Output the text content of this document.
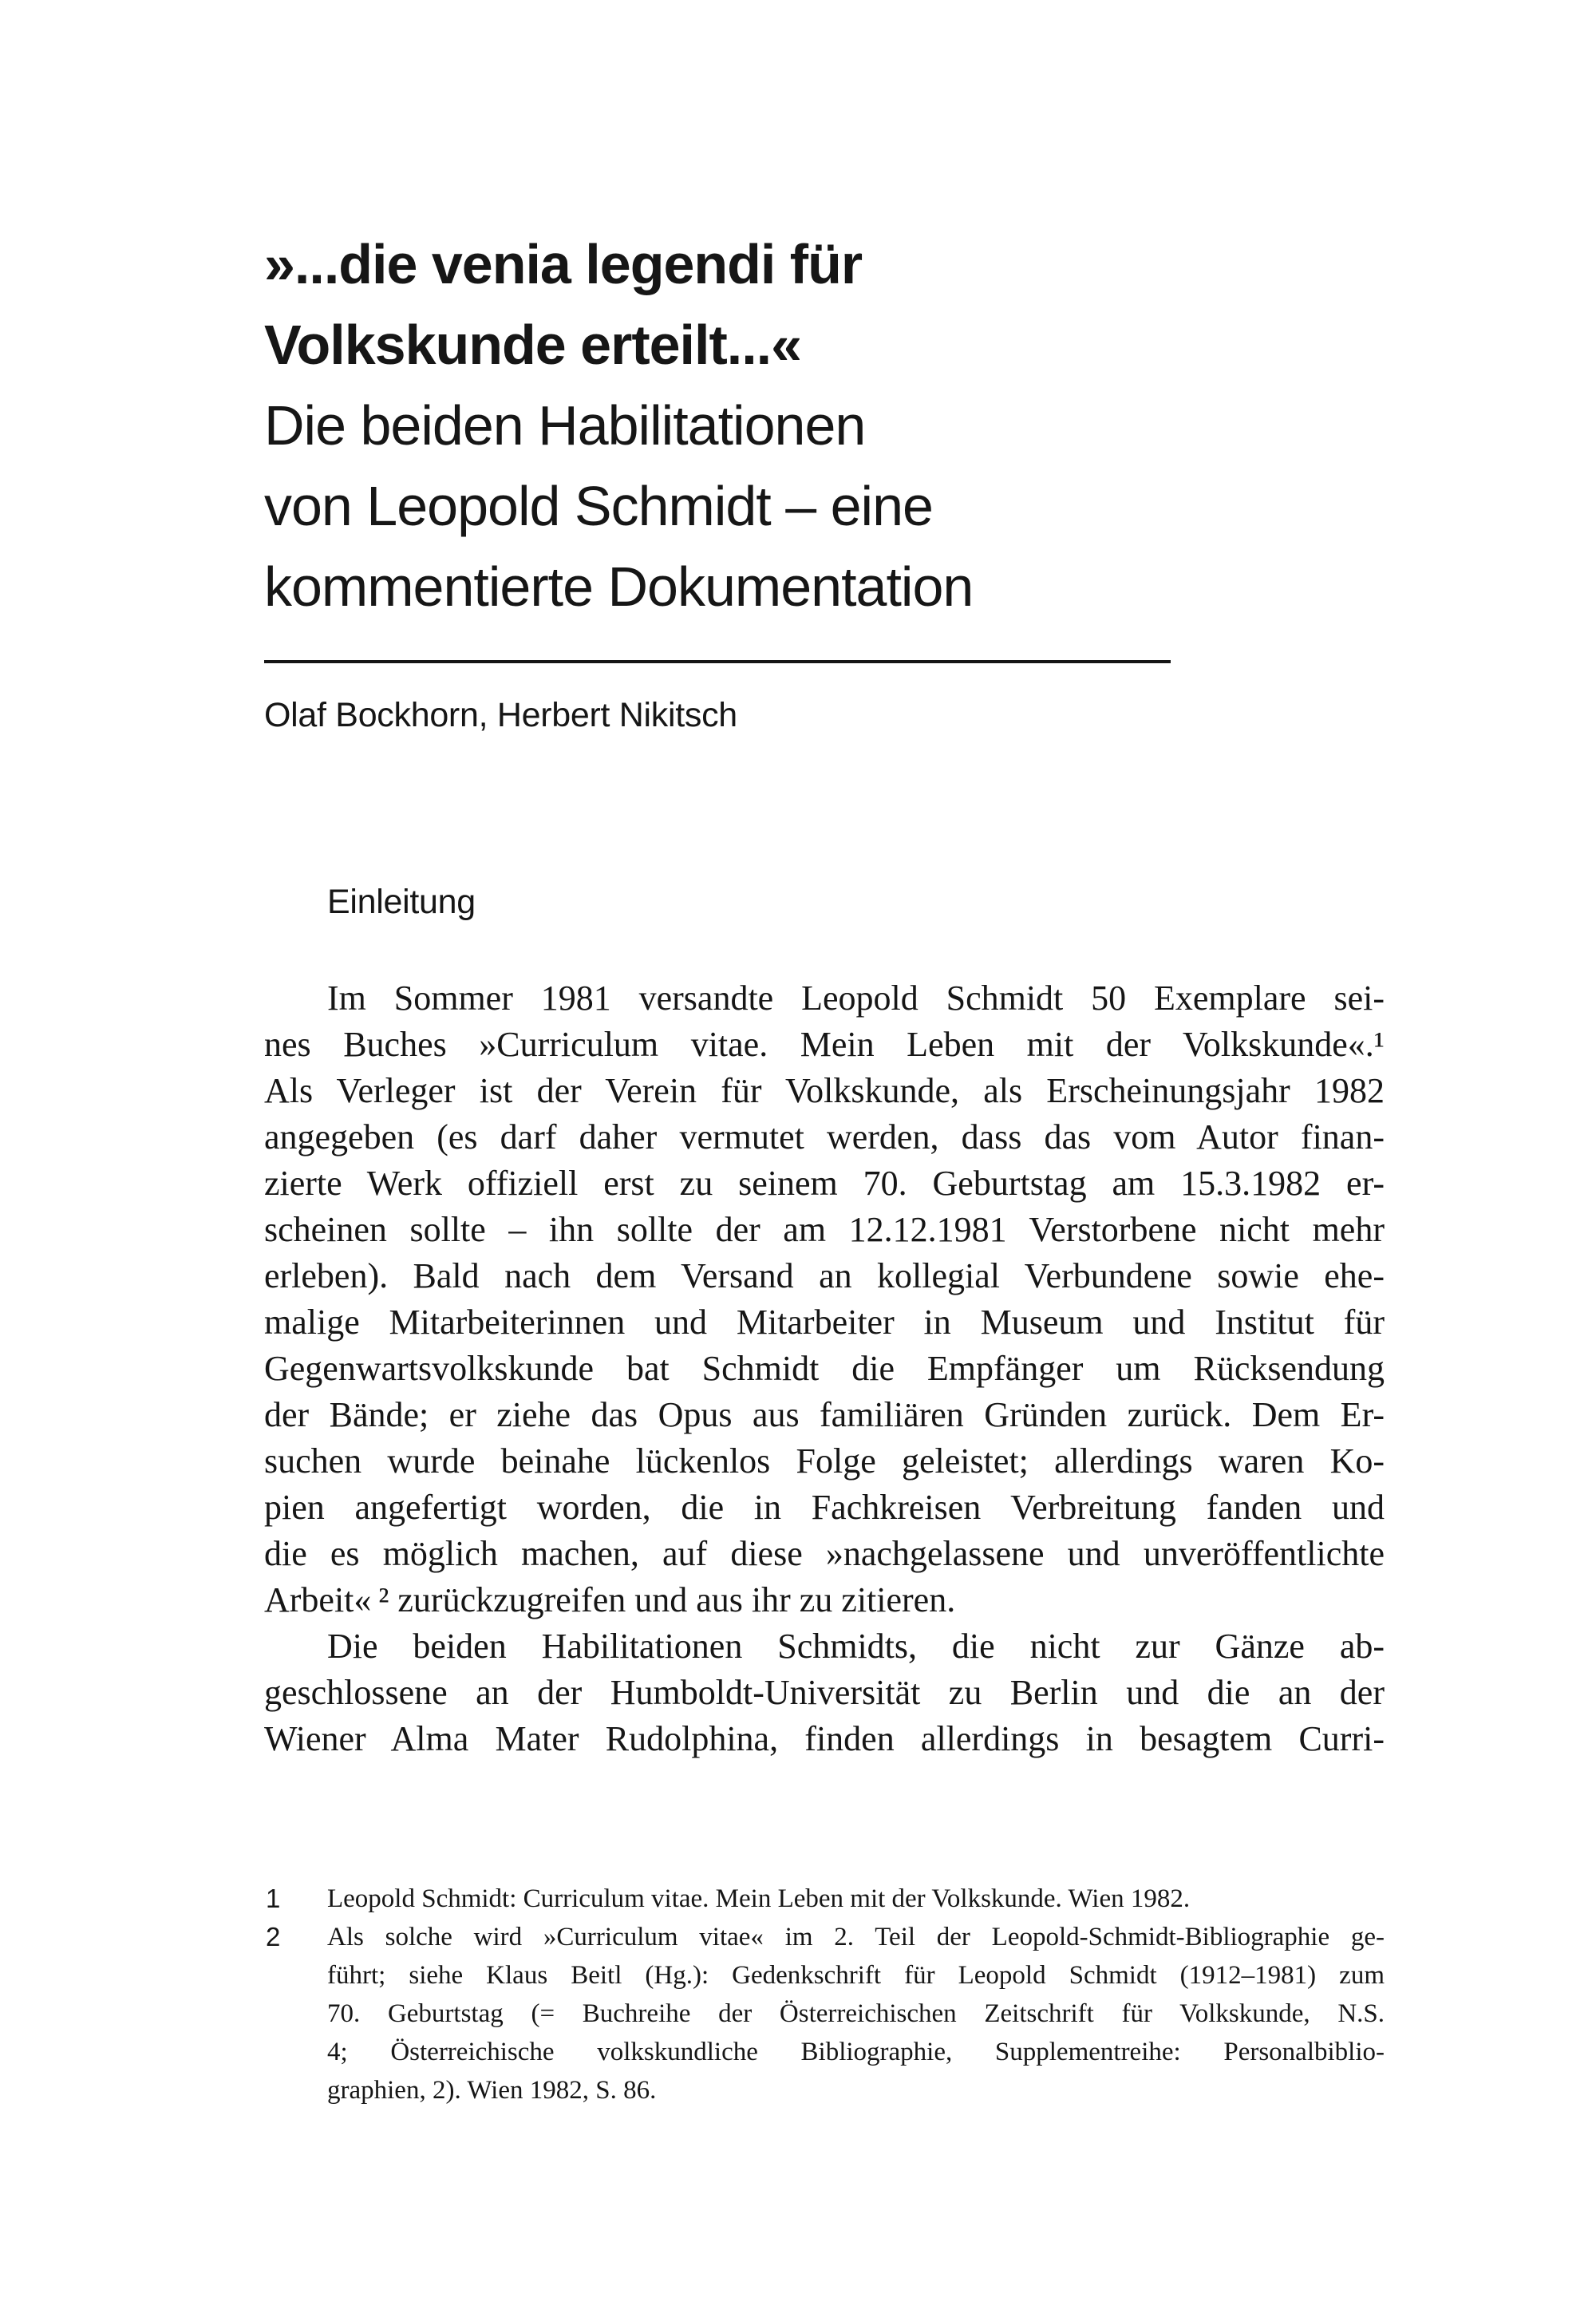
»...die venia legendi für
Volkskunde erteilt...«
Die beiden Habilitationen
von Leopold Schmidt – eine
kommentierte Dokumentation
Olaf Bockhorn, Herbert Nikitsch
Einleitung
Im Sommer 1981 versandte Leopold Schmidt 50 Exemplare sei-
nes Buches »Curriculum vitae. Mein Leben mit der Volkskunde«.¹
Als Verleger ist der Verein für Volkskunde, als Erscheinungsjahr 1982
angegeben (es darf daher vermutet werden, dass das vom Autor finan-
zierte Werk offiziell erst zu seinem 70. Geburtstag am 15.3.1982 er-
scheinen sollte – ihn sollte der am 12.12.1981 Verstorbene nicht mehr
erleben). Bald nach dem Versand an kollegial Verbundene sowie ehe-
malige Mitarbeiterinnen und Mitarbeiter in Museum und Institut für
Gegenwartsvolkskunde bat Schmidt die Empfänger um Rücksendung
der Bände; er ziehe das Opus aus familiären Gründen zurück. Dem Er-
suchen wurde beinahe lückenlos Folge geleistet; allerdings waren Ko-
pien angefertigt worden, die in Fachkreisen Verbreitung fanden und
die es möglich machen, auf diese »nachgelassene und unveröffentlichte
Arbeit« ² zurückzugreifen und aus ihr zu zitieren.
Die beiden Habilitationen Schmidts, die nicht zur Gänze ab-
geschlossene an der Humboldt-Universität zu Berlin und die an der
Wiener Alma Mater Rudolphina, finden allerdings in besagtem Curri-
1 Leopold Schmidt: Curriculum vitae. Mein Leben mit der Volkskunde. Wien 1982.
2 Als solche wird »Curriculum vitae« im 2. Teil der Leopold-Schmidt-Bibliographie ge-
führt; siehe Klaus Beitl (Hg.): Gedenkschrift für Leopold Schmidt (1912–1981) zum
70. Geburtstag (= Buchreihe der Österreichischen Zeitschrift für Volkskunde, N.S.
4; Österreichische volkskundliche Bibliographie, Supplementreihe: Personalbiblio-
graphien, 2). Wien 1982, S. 86.
